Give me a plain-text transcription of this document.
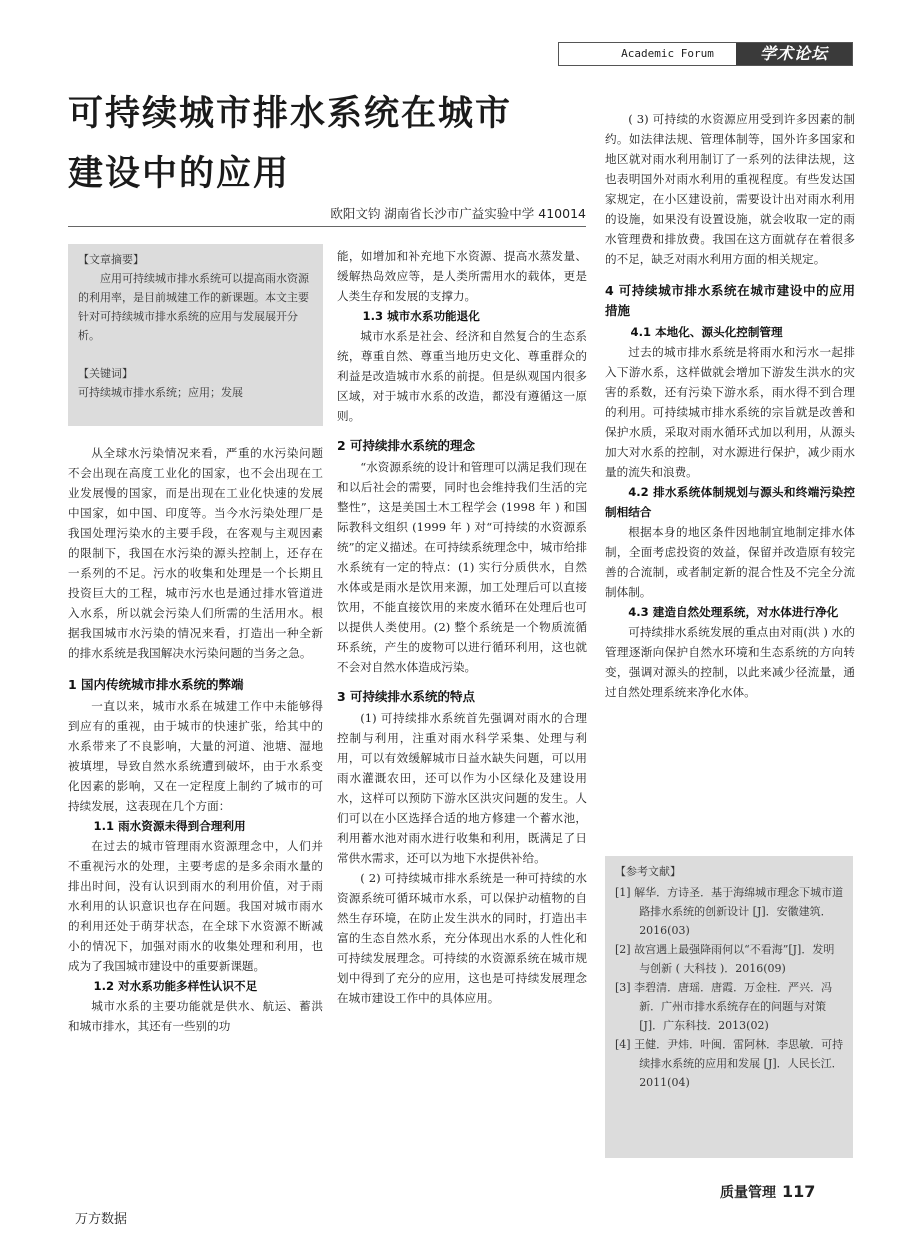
Academic Forum	学术论坛
可持续城市排水系统在城市
建设中的应用
欧阳文钧 湖南省长沙市广益实验中学 410014
【文章摘要】
应用可持续城市排水系统可以提高雨水资源的利用率，是目前城建工作的新课题。本文主要针对可持续城市排水系统的应用与发展展开分析。
【关键词】
可持续城市排水系统；应用；发展

从全球水污染情况来看，严重的水污染问题不会出现在高度工业化的国家，也不会出现在工业发展慢的国家，而是出现在工业化快速的发展中国家，如中国、印度等。当今水污染处理厂是我国处理污染水的主要手段，在客观与主观因素的限制下，我国在水污染的源头控制上，还存在一系列的不足。污水的收集和处理是一个长期且投资巨大的工程，城市污水也是通过排水管道进入水系，所以就会污染人们所需的生活用水。根据我国城市水污染的情况来看，打造出一种全新的排水系统是我国解决水污染问题的当务之急。

1 国内传统城市排水系统的弊端

一直以来，城市水系在城建工作中未能够得到应有的重视，由于城市的快速扩张，给其中的水系带来了不良影响，大量的河道、池塘、湿地被填埋，导致自然水系统遭到破坏，由于水系变化因素的影响，又在一定程度上制约了城市的可持续发展，这表现在几个方面：

1.1 雨水资源未得到合理利用

在过去的城市管理雨水资源理念中，人们并不重视污水的处理，主要考虑的是多余雨水量的排出时间，没有认识到雨水的利用价值，对于雨水利用的认识意识也存在问题。我国对城市雨水的利用还处于萌芽状态，在全球下水资源不断减小的情况下，加强对雨水的收集处理和利用，也成为了我国城市建设中的重要新课题。

1.2 对水系功能多样性认识不足

城市水系的主要功能就是供水、航运、蓄洪和城市排水，其还有一些别的功

能，如增加和补充地下水资源、提高水蒸发量、缓解热岛效应等，是人类所需用水的载体，更是人类生存和发展的支撑力。
1.3 城市水系功能退化

城市水系是社会、经济和自然复合的生态系统，尊重自然、尊重当地历史文化、尊重群众的利益是改造城市水系的前提。但是纵观国内很多区域，对于城市水系的改造，都没有遵循这一原则。

2 可持续排水系统的理念

“水资源系统的设计和管理可以满足我们现在和以后社会的需要，同时也会维持我们生活的完整性”，这是美国土木工程学会 (1998 年 ) 和国际教科文组织 (1999 年 ) 对“可持续的水资源系统”的定义描述。在可持续系统理念中，城市给排水系统有一定的特点：(1) 实行分质供水，自然水体或是雨水是饮用来源，加工处理后可以直接饮用，不能直接饮用的来废水循环在处理后也可以提供人类使用。(2) 整个系统是一个物质流循环系统，产生的废物可以进行循环利用，这也就不会对自然水体造成污染。

3 可持续排水系统的特点

(1) 可持续排水系统首先强调对雨水的合理控制与利用，注重对雨水科学采集、处理与利用，可以有效缓解城市日益水缺失问题，可以用雨水灌溉农田，还可以作为小区绿化及建设用水，这样可以预防下游水区洪灾问题的发生。人们可以在小区选择合适的地方修建一个蓄水池，利用蓄水池对雨水进行收集和利用，既满足了日常供水需求，还可以为地下水提供补给。

( 2) 可持续城市排水系统是一种可持续的水资源系统可循环城市水系，可以保护动植物的自然生存环境，在防止发生洪水的同时，打造出丰富的生态自然水系，充分体现出水系的人性化和可持续发展理念。可持续的水资源系统在城市规划中得到了充分的应用，这也是可持续发展理念在城市建设工作中的具体应用。

( 3) 可持续的水资源应用受到许多因素的制约。如法律法规、管理体制等，国外许多国家和地区就对雨水利用制订了一系列的法律法规，这也表明国外对雨水利用的重视程度。有些发达国家规定，在小区建设前，需要设计出对雨水利用的设施，如果没有设置设施，就会收取一定的雨水管理费和排放费。我国在这方面就存在着很多的不足，缺乏对雨水利用方面的相关规定。

4 可持续城市排水系统在城市建设中的应用措施
4.1 本地化、源头化控制管理

过去的城市排水系统是将雨水和污水一起排入下游水系，这样做就会增加下游发生洪水的灾害的系数，还有污染下游水系，雨水得不到合理的利用。可持续城市排水系统的宗旨就是改善和保护水质，采取对雨水循环式加以利用，从源头加大对水系的控制，对水源进行保护，减少雨水量的流失和浪费。

4.2 排水系统体制规划与源头和终端污染控制相结合

根据本身的地区条件因地制宜地制定排水体制，全面考虑投资的效益，保留并改造原有较完善的合流制，或者制定新的混合性及不完全分流制体制。

4.3 建造自然处理系统，对水体进行净化

可持续排水系统发展的重点由对雨(洪 ) 水的管理逐渐向保护自然水环境和生态系统的方向转变，强调对源头的控制，以此来减少径流量，通过自然处理系统来净化水体。

【参考文献】
[1] 解华．方诗圣．基于海绵城市理念下城市道路排水系统的创新设计 [J]．安徽建筑．2016(03)
[2] 故宫遇上最强降雨何以“不看海”[J]．发明与创新 ( 大科技 )．2016(09)
[3] 李碧清．唐瑶．唐霞．万金柱．严兴．冯新．广州市排水系统存在的问题与对策 [J]．广东科技．2013(02)
[4] 王健．尹炜．叶闽．雷阿林．李思敏．可持续排水系统的应用和发展 [J]．人民长江．2011(04)
质量管理 117
万方数据
